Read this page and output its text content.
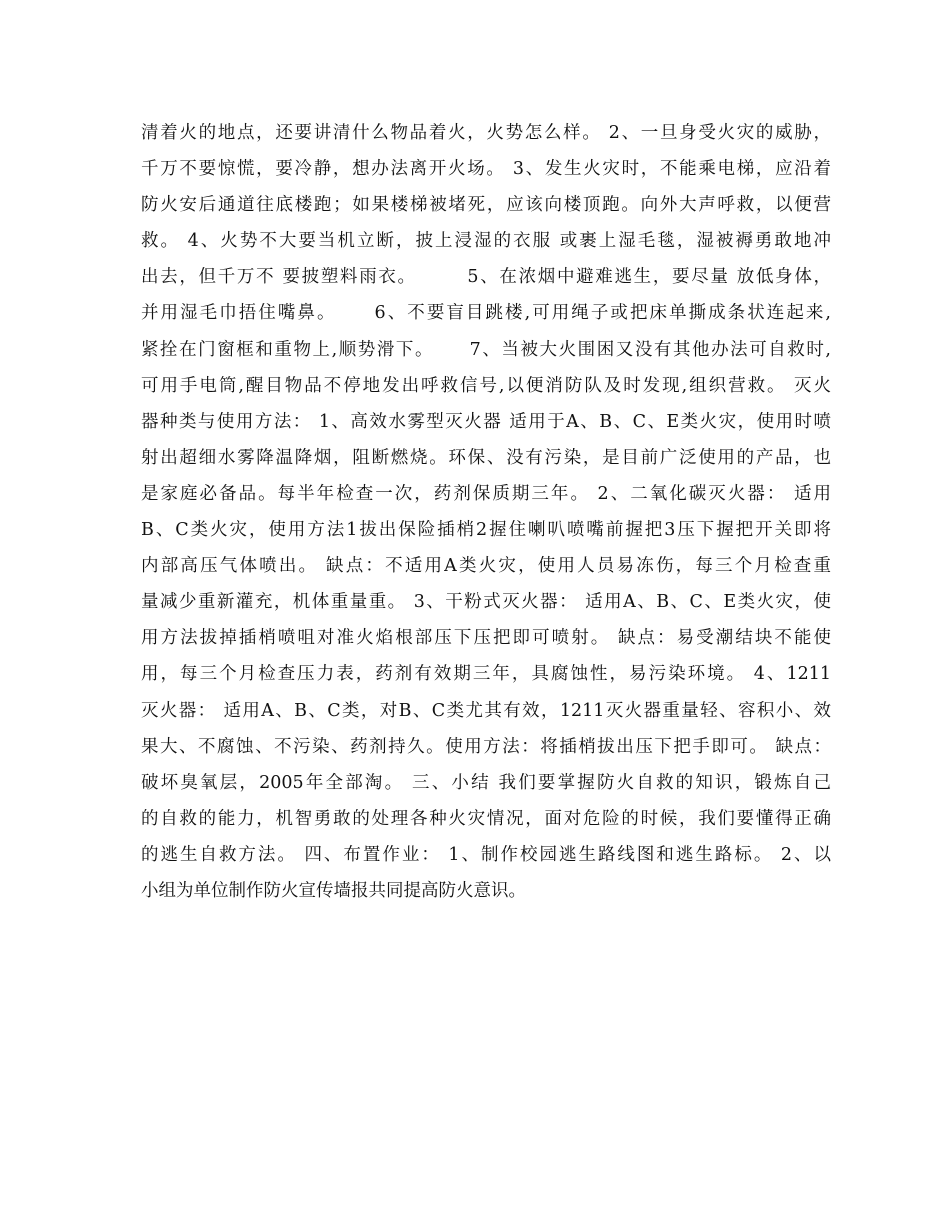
清着火的地点，还要讲清什么物品着火，火势怎么样。 2、一旦身受火灾的威胁，
千万不要惊慌，要冷静，想办法离开火场。 3、发生火灾时，不能乘电梯，应沿着
防火安后通道往底楼跑；如果楼梯被堵死，应该向楼顶跑。向外大声呼救，以便营
救。 4、火势不大要当机立断，披上浸湿的衣服 或裹上湿毛毯，湿被褥勇敢地冲
出去，但千万不 要披塑料雨衣。       5、在浓烟中避难逃生，要尽量 放低身体，
并用湿毛巾捂住嘴鼻。     6、不要盲目跳楼,可用绳子或把床单撕成条状连起来,
紧拴在门窗框和重物上,顺势滑下。     7、当被大火围困又没有其他办法可自救时,
可用手电筒,醒目物品不停地发出呼救信号,以便消防队及时发现,组织营救。 灭火
器种类与使用方法： 1、高效水雾型灭火器 适用于A、B、C、E类火灾，使用时喷
射出超细水雾降温降烟，阻断燃烧。环保、没有污染，是目前广泛使用的产品，也
是家庭必备品。每半年检查一次，药剂保质期三年。 2、二氧化碳灭火器： 适用
B、C类火灾，使用方法1拔出保险插梢2握住喇叭喷嘴前握把3压下握把开关即将
内部高压气体喷出。 缺点：不适用A类火灾，使用人员易冻伤，每三个月检查重
量减少重新灌充，机体重量重。 3、干粉式灭火器： 适用A、B、C、E类火灾，使
用方法拔掉插梢喷咀对准火焰根部压下压把即可喷射。 缺点：易受潮结块不能使
用，每三个月检查压力表，药剂有效期三年，具腐蚀性，易污染环境。 4、1211
灭火器： 适用A、B、C类，对B、C类尤其有效，1211灭火器重量轻、容积小、效
果大、不腐蚀、不污染、药剂持久。使用方法：将插梢拔出压下把手即可。 缺点：
破坏臭氧层，2005年全部淘。 三、小结 我们要掌握防火自救的知识，锻炼自己
的自救的能力，机智勇敢的处理各种火灾情况，面对危险的时候，我们要懂得正确
的逃生自救方法。 四、布置作业： 1、制作校园逃生路线图和逃生路标。 2、以
小组为单位制作防火宣传墙报共同提高防火意识。
